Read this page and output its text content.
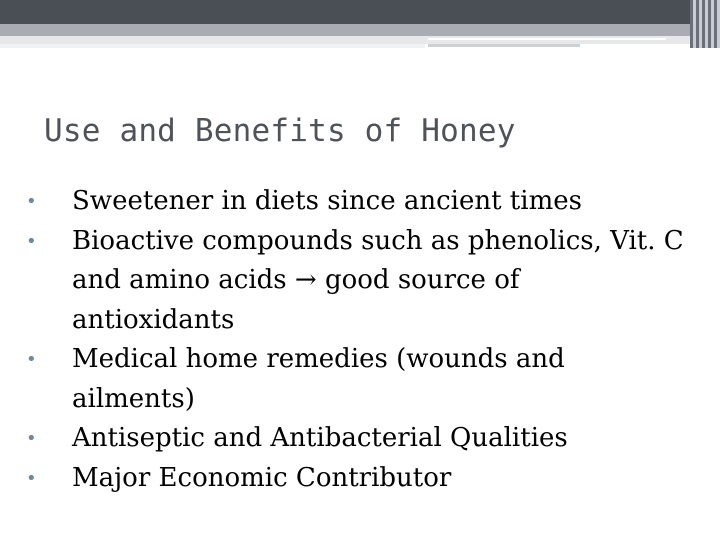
Use and Benefits of Honey
•	Sweetener in diets since ancient times
•	Bioactive compounds such as phenolics, Vit. C and amino acids → good source of antioxidants
•	Medical home remedies (wounds and ailments)
•	Antiseptic and Antibacterial Qualities
•	Major Economic Contributor
